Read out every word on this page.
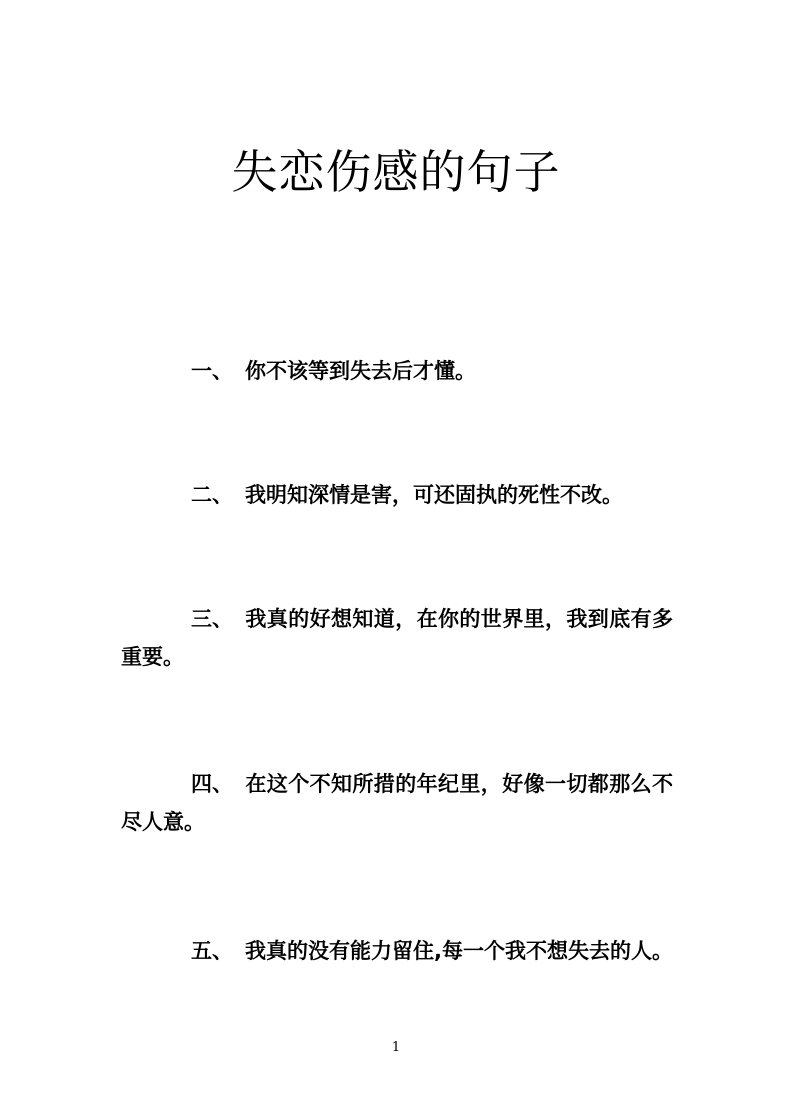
失恋伤感的句子

一、 你不该等到失去后才懂。

二、 我明知深情是害，可还固执的死性不改。

三、 我真的好想知道，在你的世界里，我到底有多重要。

四、 在这个不知所措的年纪里，好像一切都那么不尽人意。

五、 我真的没有能力留住,每一个我不想失去的人。

1
